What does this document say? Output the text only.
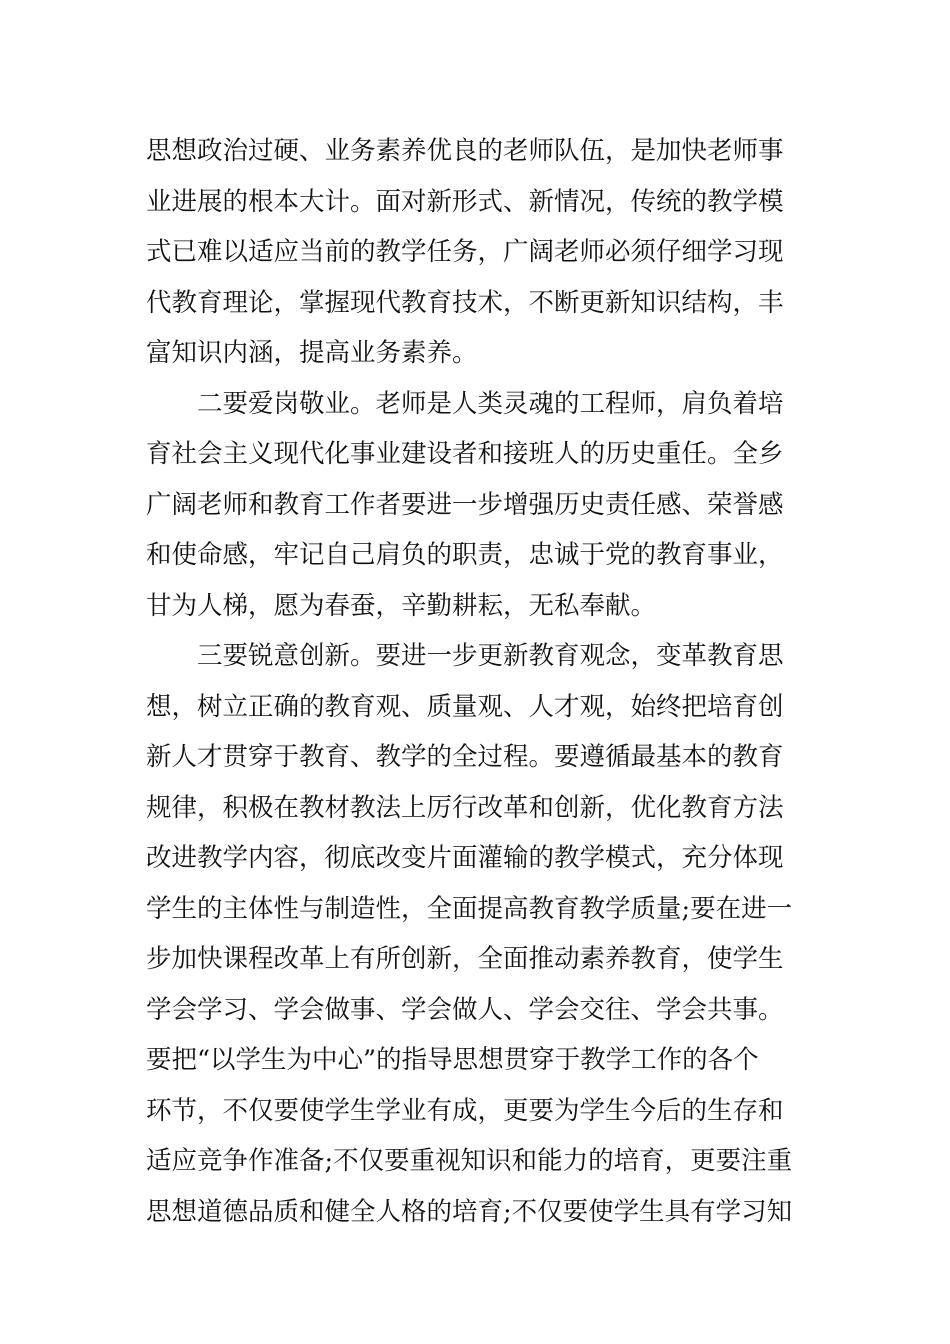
思想政治过硬、业务素养优良的老师队伍，是加快老师事
业进展的根本大计。面对新形式、新情况，传统的教学模
式已难以适应当前的教学任务，广阔老师必须仔细学习现
代教育理论，掌握现代教育技术，不断更新知识结构，丰
富知识内涵，提高业务素养。
二要爱岗敬业。老师是人类灵魂的工程师，肩负着培
育社会主义现代化事业建设者和接班人的历史重任。全乡
广阔老师和教育工作者要进一步增强历史责任感、荣誉感
和使命感，牢记自己肩负的职责，忠诚于党的教育事业，
甘为人梯，愿为春蚕，辛勤耕耘，无私奉献。
三要锐意创新。要进一步更新教育观念，变革教育思
想，树立正确的教育观、质量观、人才观，始终把培育创
新人才贯穿于教育、教学的全过程。要遵循最基本的教育
规律，积极在教材教法上厉行改革和创新，优化教育方法
改进教学内容，彻底改变片面灌输的教学模式，充分体现
学生的主体性与制造性，全面提高教育教学质量;要在进一
步加快课程改革上有所创新，全面推动素养教育，使学生
学会学习、学会做事、学会做人、学会交往、学会共事。
要把“以学生为中心”的指导思想贯穿于教学工作的各个
环节，不仅要使学生学业有成，更要为学生今后的生存和
适应竞争作准备;不仅要重视知识和能力的培育，更要注重
思想道德品质和健全人格的培育;不仅要使学生具有学习知
